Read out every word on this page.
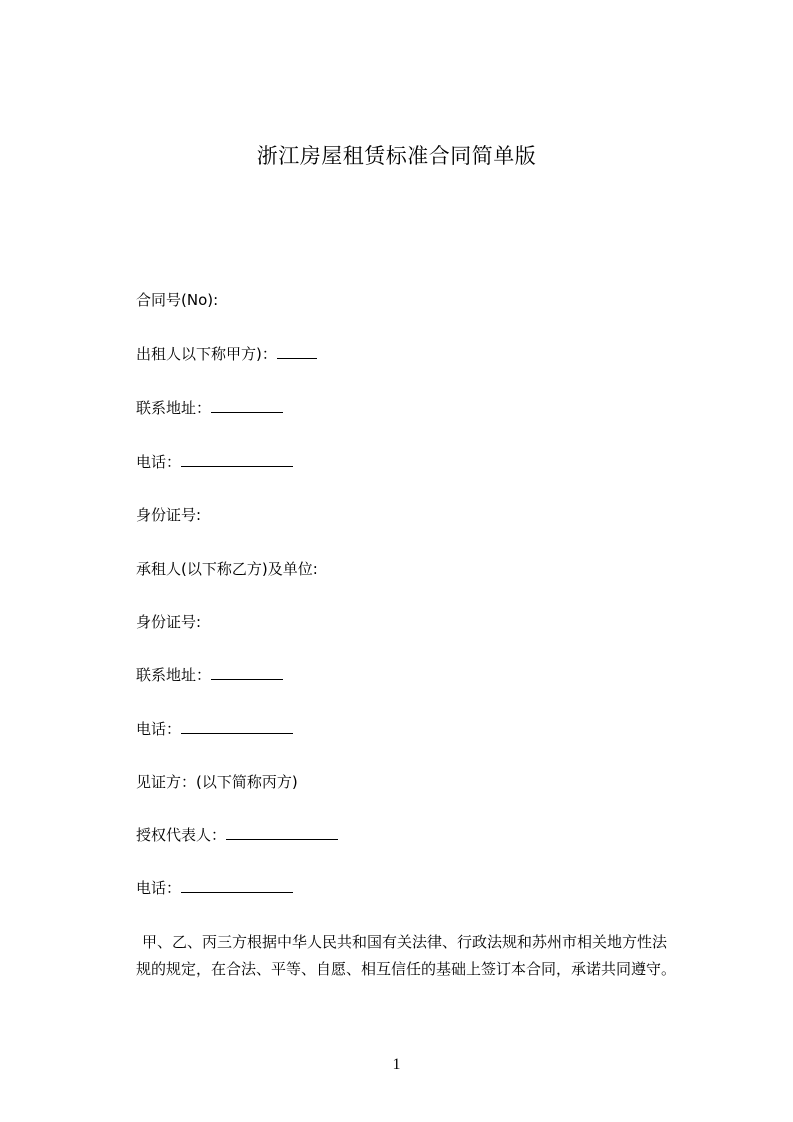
浙江房屋租赁标准合同简单版
合同号(No):
出租人以下称甲方)：
联系地址：
电话：
身份证号:
承租人(以下称乙方)及单位:
身份证号:
联系地址：
电话：
见证方：(以下简称丙方)
授权代表人：
电话：
甲、乙、丙三方根据中华人民共和国有关法律、行政法规和苏州市相关地方性法
规的规定，在合法、平等、自愿、相互信任的基础上签订本合同，承诺共同遵守。
1
